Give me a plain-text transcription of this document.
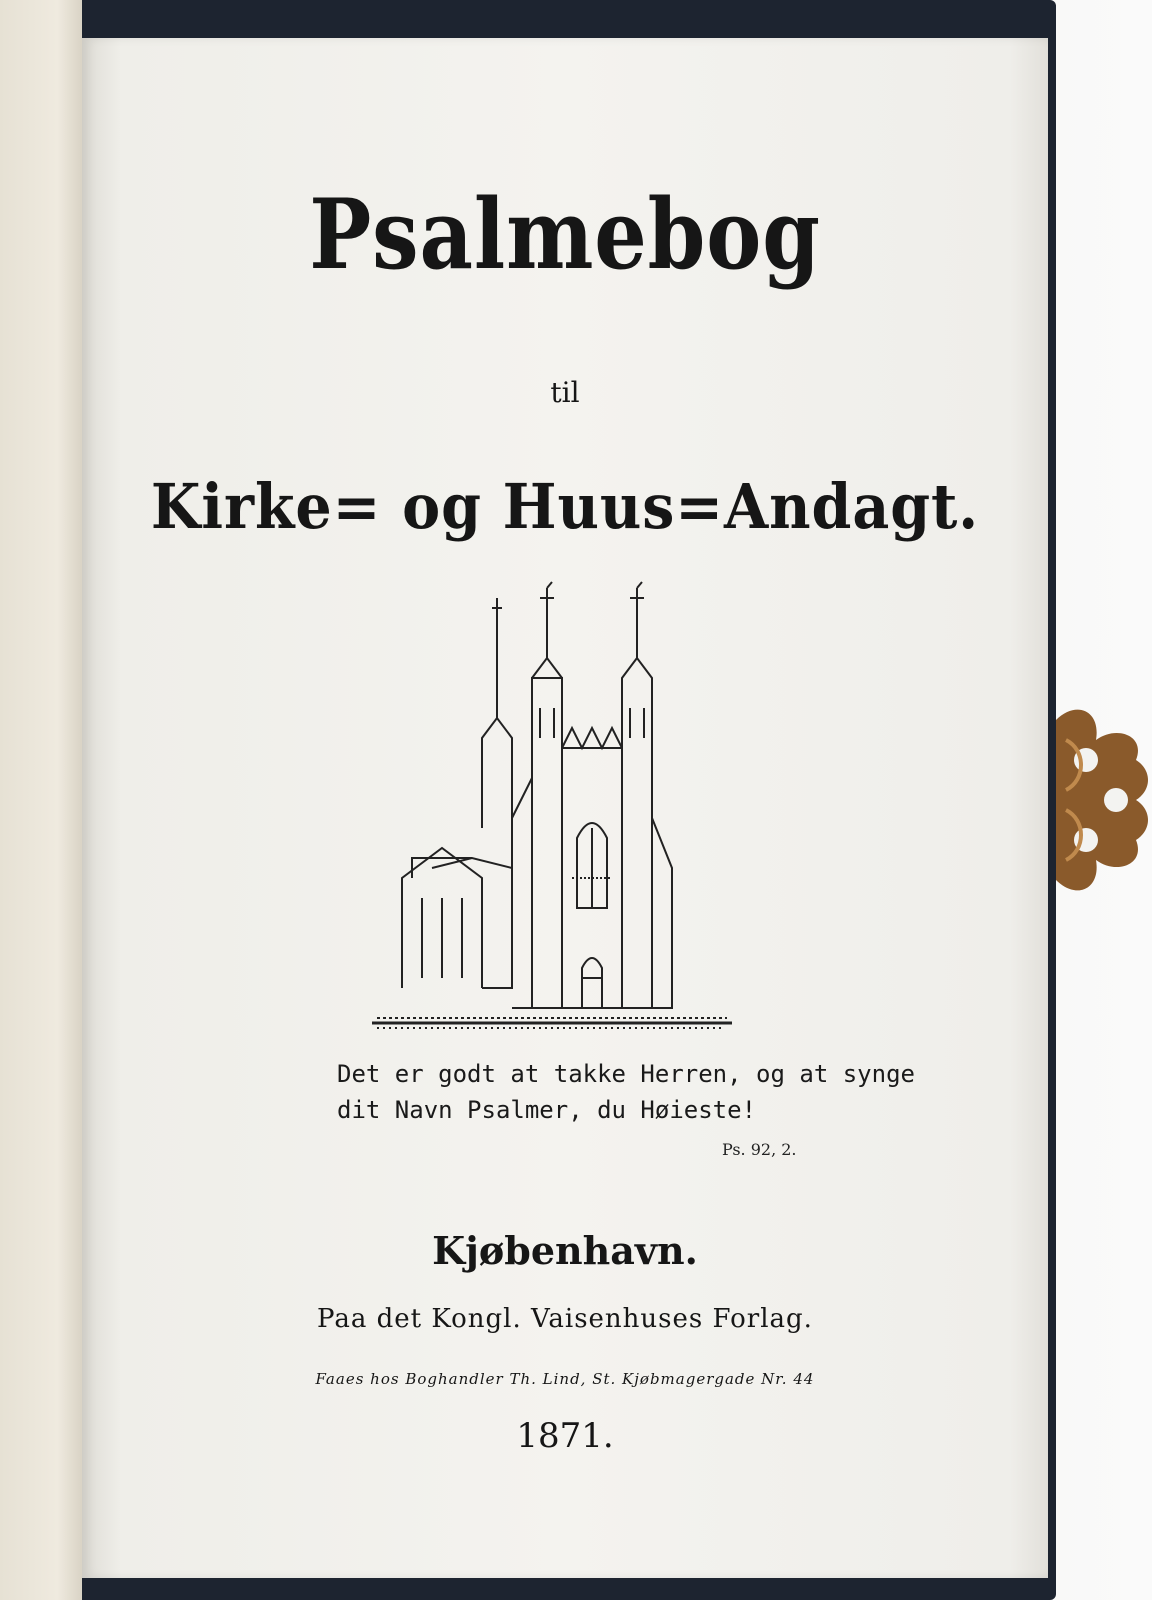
Psalmebog
til
Kirke= og Huus=Andagt.
Det er godt at takke Herren, og at synge
dit Navn Psalmer, du Høieste!
Ps. 92, 2.
Kjøbenhavn.
Paa det Kongl. Vaisenhuses Forlag.
Faaes hos Boghandler Th. Lind, St. Kjøbmagergade Nr. 44
1871.
